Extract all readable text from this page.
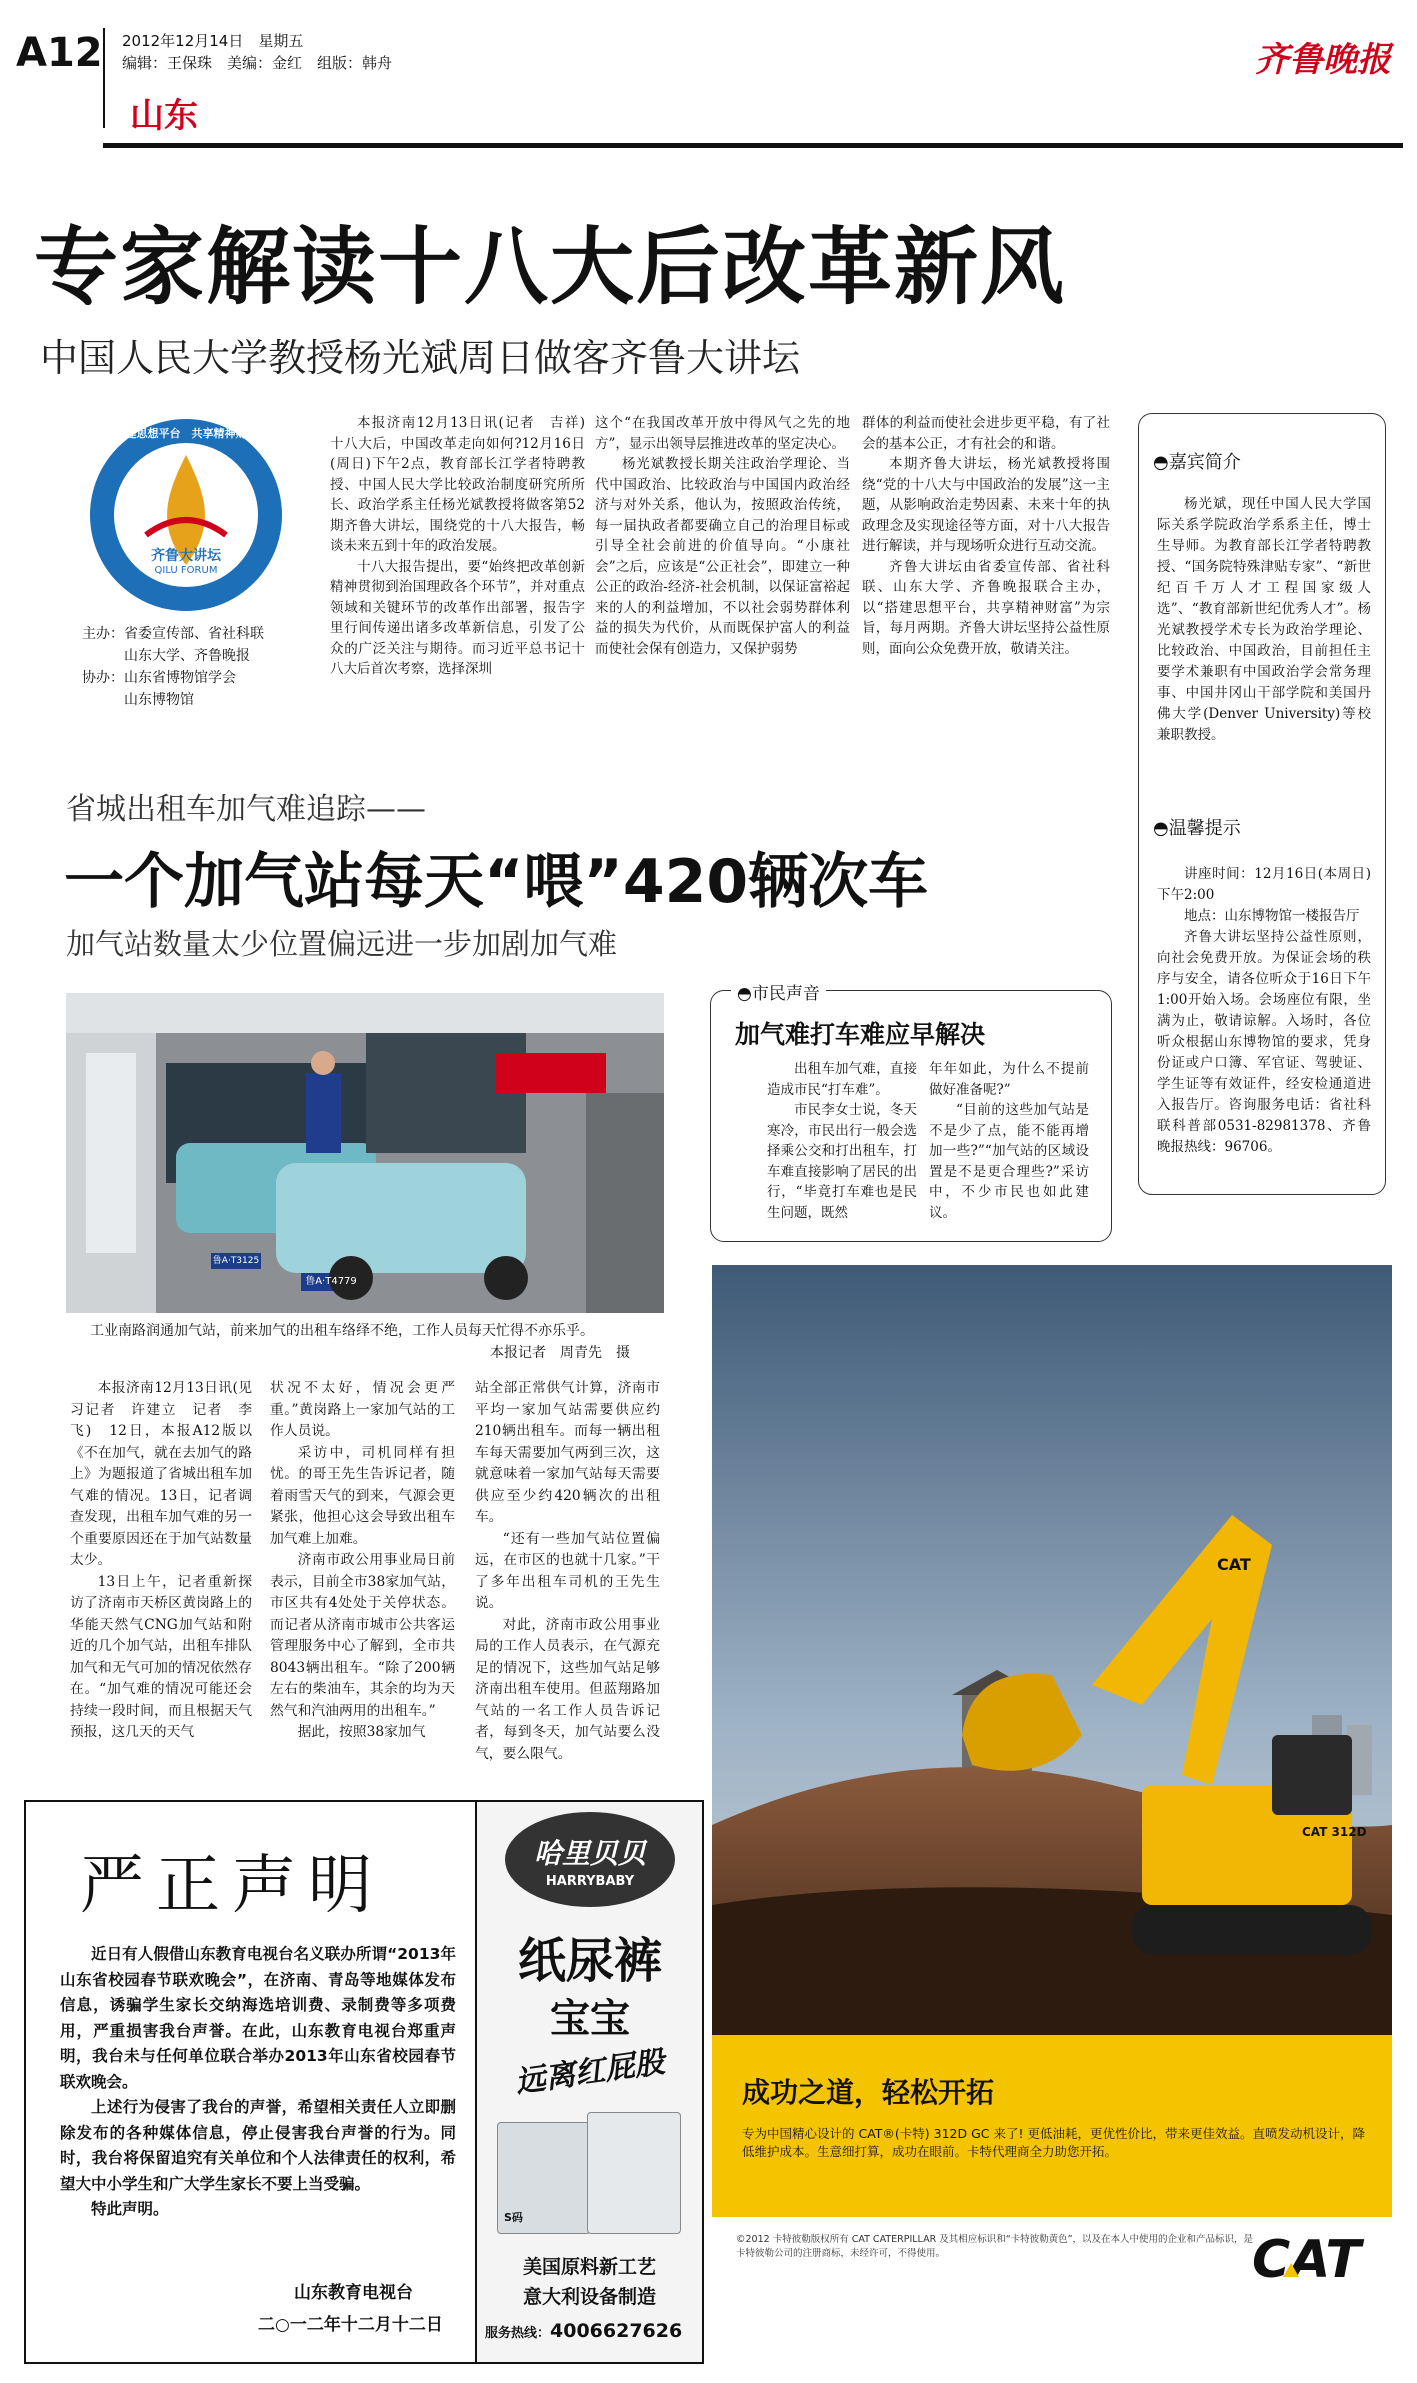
A12 2012年12月14日　星期五
编辑：王保珠　美编：金红　组版：韩舟
山东
齐鲁晚报
专家解读十八大后改革新风
中国人民大学教授杨光斌周日做客齐鲁大讲坛
搭建思想平台　共享精神财富
齐鲁大讲坛
QILU FORUM
主办：省委宣传部、省社科联
　　　山东大学、齐鲁晚报
协办：山东省博物馆学会
　　　山东博物馆

本报济南12月13日讯(记者　吉祥)　十八大后，中国改革走向如何?12月16日(周日)下午2点，教育部长江学者特聘教授、中国人民大学比较政治制度研究所所长、政治学系主任杨光斌教授将做客第52期齐鲁大讲坛，围绕党的十八大报告，畅谈未来五到十年的政治发展。

十八大报告提出，要“始终把改革创新精神贯彻到治国理政各个环节”，并对重点领域和关键环节的改革作出部署，报告字里行间传递出诸多改革新信息，引发了公众的广泛关注与期待。而习近平总书记十八大后首次考察，选择深圳

这个“在我国改革开放中得风气之先的地方”，显示出领导层推进改革的坚定决心。

杨光斌教授长期关注政治学理论、当代中国政治、比较政治与中国国内政治经济与对外关系，他认为，按照政治传统，每一届执政者都要确立自己的治理目标或引导全社会前进的价值导向。“小康社会”之后，应该是“公正社会”，即建立一种公正的政治-经济-社会机制，以保证富裕起来的人的利益增加，不以社会弱势群体利益的损失为代价，从而既保护富人的利益而使社会保有创造力，又保护弱势

群体的利益而使社会进步更平稳，有了社会的基本公正，才有社会的和谐。

本期齐鲁大讲坛，杨光斌教授将围绕“党的十八大与中国政治的发展”这一主题，从影响政治走势因素、未来十年的执政理念及实现途径等方面，对十八大报告进行解读，并与现场听众进行互动交流。

齐鲁大讲坛由省委宣传部、省社科联、山东大学、齐鲁晚报联合主办，以“搭建思想平台，共享精神财富”为宗旨，每月两期。齐鲁大讲坛坚持公益性原则，面向公众免费开放，敬请关注。

◓嘉宾简介

杨光斌，现任中国人民大学国际关系学院政治学系系主任，博士生导师。为教育部长江学者特聘教授、“国务院特殊津贴专家”、“新世纪百千万人才工程国家级人选”、“教育部新世纪优秀人才”。杨光斌教授学术专长为政治学理论、比较政治、中国政治，目前担任主要学术兼职有中国政治学会常务理事、中国井冈山干部学院和美国丹佛大学(Denver University)等校兼职教授。

◓温馨提示

讲座时间：12月16日(本周日)下午2:00

地点：山东博物馆一楼报告厅

齐鲁大讲坛坚持公益性原则，向社会免费开放。为保证会场的秩序与安全，请各位听众于16日下午1:00开始入场。会场座位有限，坐满为止，敬请谅解。入场时，各位听众根据山东博物馆的要求，凭身份证或户口簿、军官证、驾驶证、学生证等有效证件，经安检通道进入报告厅。咨询服务电话：省社科联科普部0531-82981378、齐鲁晚报热线：96706。

省城出租车加气难追踪——
一个加气站每天“喂”420辆次车
加气站数量太少位置偏远进一步加剧加气难
鲁A·T3125
鲁A·T4779
工业南路润通加气站，前来加气的出租车络绎不绝，工作人员每天忙得不亦乐乎。
本报记者　周青先　摄

本报济南12月13日讯(见习记者　许建立　记者　李飞)　12日，本报A12版以《不在加气，就在去加气的路上》为题报道了省城出租车加气难的情况。13日，记者调查发现，出租车加气难的另一个重要原因还在于加气站数量太少。

13日上午，记者重新探访了济南市天桥区黄岗路上的华能天然气CNG加气站和附近的几个加气站，出租车排队加气和无气可加的情况依然存在。“加气难的情况可能还会持续一段时间，而且根据天气预报，这几天的天气

状况不太好，情况会更严重。”黄岗路上一家加气站的工作人员说。

采访中，司机同样有担忧。的哥王先生告诉记者，随着雨雪天气的到来，气源会更紧张，他担心这会导致出租车加气难上加难。

济南市政公用事业局日前表示，目前全市38家加气站，市区共有4处处于关停状态。而记者从济南市城市公共客运管理服务中心了解到，全市共8043辆出租车。“除了200辆左右的柴油车，其余的均为天然气和汽油两用的出租车。”

据此，按照38家加气

站全部正常供气计算，济南市平均一家加气站需要供应约210辆出租车。而每一辆出租车每天需要加气两到三次，这就意味着一家加气站每天需要供应至少约420辆次的出租车。

“还有一些加气站位置偏远，在市区的也就十几家。”干了多年出租车司机的王先生说。

对此，济南市政公用事业局的工作人员表示，在气源充足的情况下，这些加气站足够济南出租车使用。但蓝翔路加气站的一名工作人员告诉记者，每到冬天，加气站要么没气，要么限气。

◓市民声音
加气难打车难应早解决

出租车加气难，直接造成市民“打车难”。

市民李女士说，冬天寒冷，市民出行一般会选择乘公交和打出租车，打车难直接影响了居民的出行，“毕竟打车难也是民生问题，既然

年年如此，为什么不提前做好准备呢?”

“目前的这些加气站是不是少了点，能不能再增加一些?”“加气站的区域设置是不是更合理些?”采访中，不少市民也如此建议。

CAT
CAT 312D
成功之道，轻松开拓
专为中国精心设计的 CAT®(卡特) 312D GC 来了! 更低油耗，更优性价比，带来更佳效益。直喷发动机设计，降低维护成本。生意细打算，成功在眼前。卡特代理商全力助您开拓。
©2012 卡特彼勒版权所有 CAT CATERPILLAR 及其相应标识和“卡特彼勒黄色”，以及在本人中使用的企业和产品标识，是卡特彼勒公司的注册商标，未经许可，不得使用。	CAT
严正声明

近日有人假借山东教育电视台名义联办所谓“2013年山东省校园春节联欢晚会”，在济南、青岛等地媒体发布信息，诱骗学生家长交纳海选培训费、录制费等多项费用，严重损害我台声誉。在此，山东教育电视台郑重声明，我台未与任何单位联合举办2013年山东省校园春节联欢晚会。

上述行为侵害了我台的声誉，希望相关责任人立即删除发布的各种媒体信息，停止侵害我台声誉的行为。同时，我台将保留追究有关单位和个人法律责任的权利，希望大中小学生和广大学生家长不要上当受骗。

特此声明。

山东教育电视台
二○一二年十二月十二日
哈里贝贝
HARRYBABY
纸尿裤
宝宝
远离红屁股
S码
美国原料新工艺
意大利设备制造
服务热线：4006627626
